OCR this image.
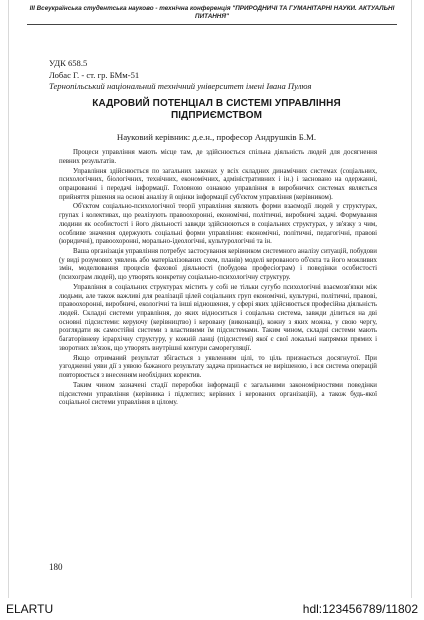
III Всеукраїнська студентська науково - технічна конференція "ПРИРОДНИЧІ ТА ГУМАНІТАРНІ НАУКИ. АКТУАЛЬНІ ПИТАННЯ"
УДК 658.5
Лобас Г. - ст. гр. БМм-51
Тернопільський національний технічний університет імені Івана Пулюя
КАДРОВИЙ ПОТЕНЦІАЛ В СИСТЕМІ УПРАВЛІННЯ ПІДПРИЄМСТВОМ
Науковий керівник: д.е.н., професор Андрушків Б.М.

Процеси управління мають місце там, де здійснюється спільна діяльність людей для досягнення певних результатів.

Управління здійснюється по загальних законах у всіх складних динамічних системах (соціальних, психологічних, біологічних, технічних, економічних, адміністративних і ін.) і засновано на одержанні, опрацюванні і передачі інформації. Головною ознакою управління в виробничих системах являється прийняття рішення на основі аналізу й оцінки інформації суб'єктом управління (керівником).

Об'єктом соціально-психологічної теорії управління являють форми взаємодії людей у структурах, групах і колективах, що реалізують правоохоронні, економічні, політичні, виробничі задачі. Формування людини як особистості і його діяльності завжди здійснюються в соціальних структурах, у зв'язку з чим, особливе значення одержують соціальні форми управління: економічні, політичні, педагогічні, правові (юридичні), правоохоронні, морально-ідеологічні, культурологічні та ін.

Ваша організація управління потребує застосування керівником системного аналізу ситуацій, побудови (у виді розумових уявлень або матеріалізованих схем, планів) моделі керованого об'єкта та його можливих змін, моделювання процесів фахової діяльності (побудова професіограм) і поведінки особистості (психограм людей), що утворять конкретну соціально-психологічну структуру.

Управління в соціальних структурах містить у собі не тільки сугубо психологічні взаємозв'язки між людьми, але також важливі для реалізації цілей соціальних груп економічні, культурні, політичні, правові, правоохоронні, виробничі, екологічні та інші відношення, у сфері яких здійснюється професійна діяльність людей. Складні системи управління, до яких відноситься і соціальна система, завжди ділиться на дві основні підсистеми: керуючу (керівництво) і керовану (виконавці), кожну з яких можна, у свою чергу, розглядати як самостійні системи з властивими їм підсистемами. Таким чином, складні системи мають багаторівневу ієрархічну структуру, у кожній ланці (підсистемі) якої є свої локальні напрямки прямих і зворотних зв'язок, що утворять внутрішні контури саморегуляції.

Якщо отриманий результат збігається з уявленням цілі, то ціль признається досягнутої. При узгодженні уяви дії з уявою бажаного результату задача признається не вирішеною, і вся система операцій повторюється з внесенням необхідних коректив.

Таким чином зазначені стадії переробки інформації є загальними закономірностями поведінки підсистеми управління (керівника і підлеглих; керівних і керованих організацій), а також будь-якої соціальної системи управління в цілому.

180
ELARTU	hdl:123456789/11802
